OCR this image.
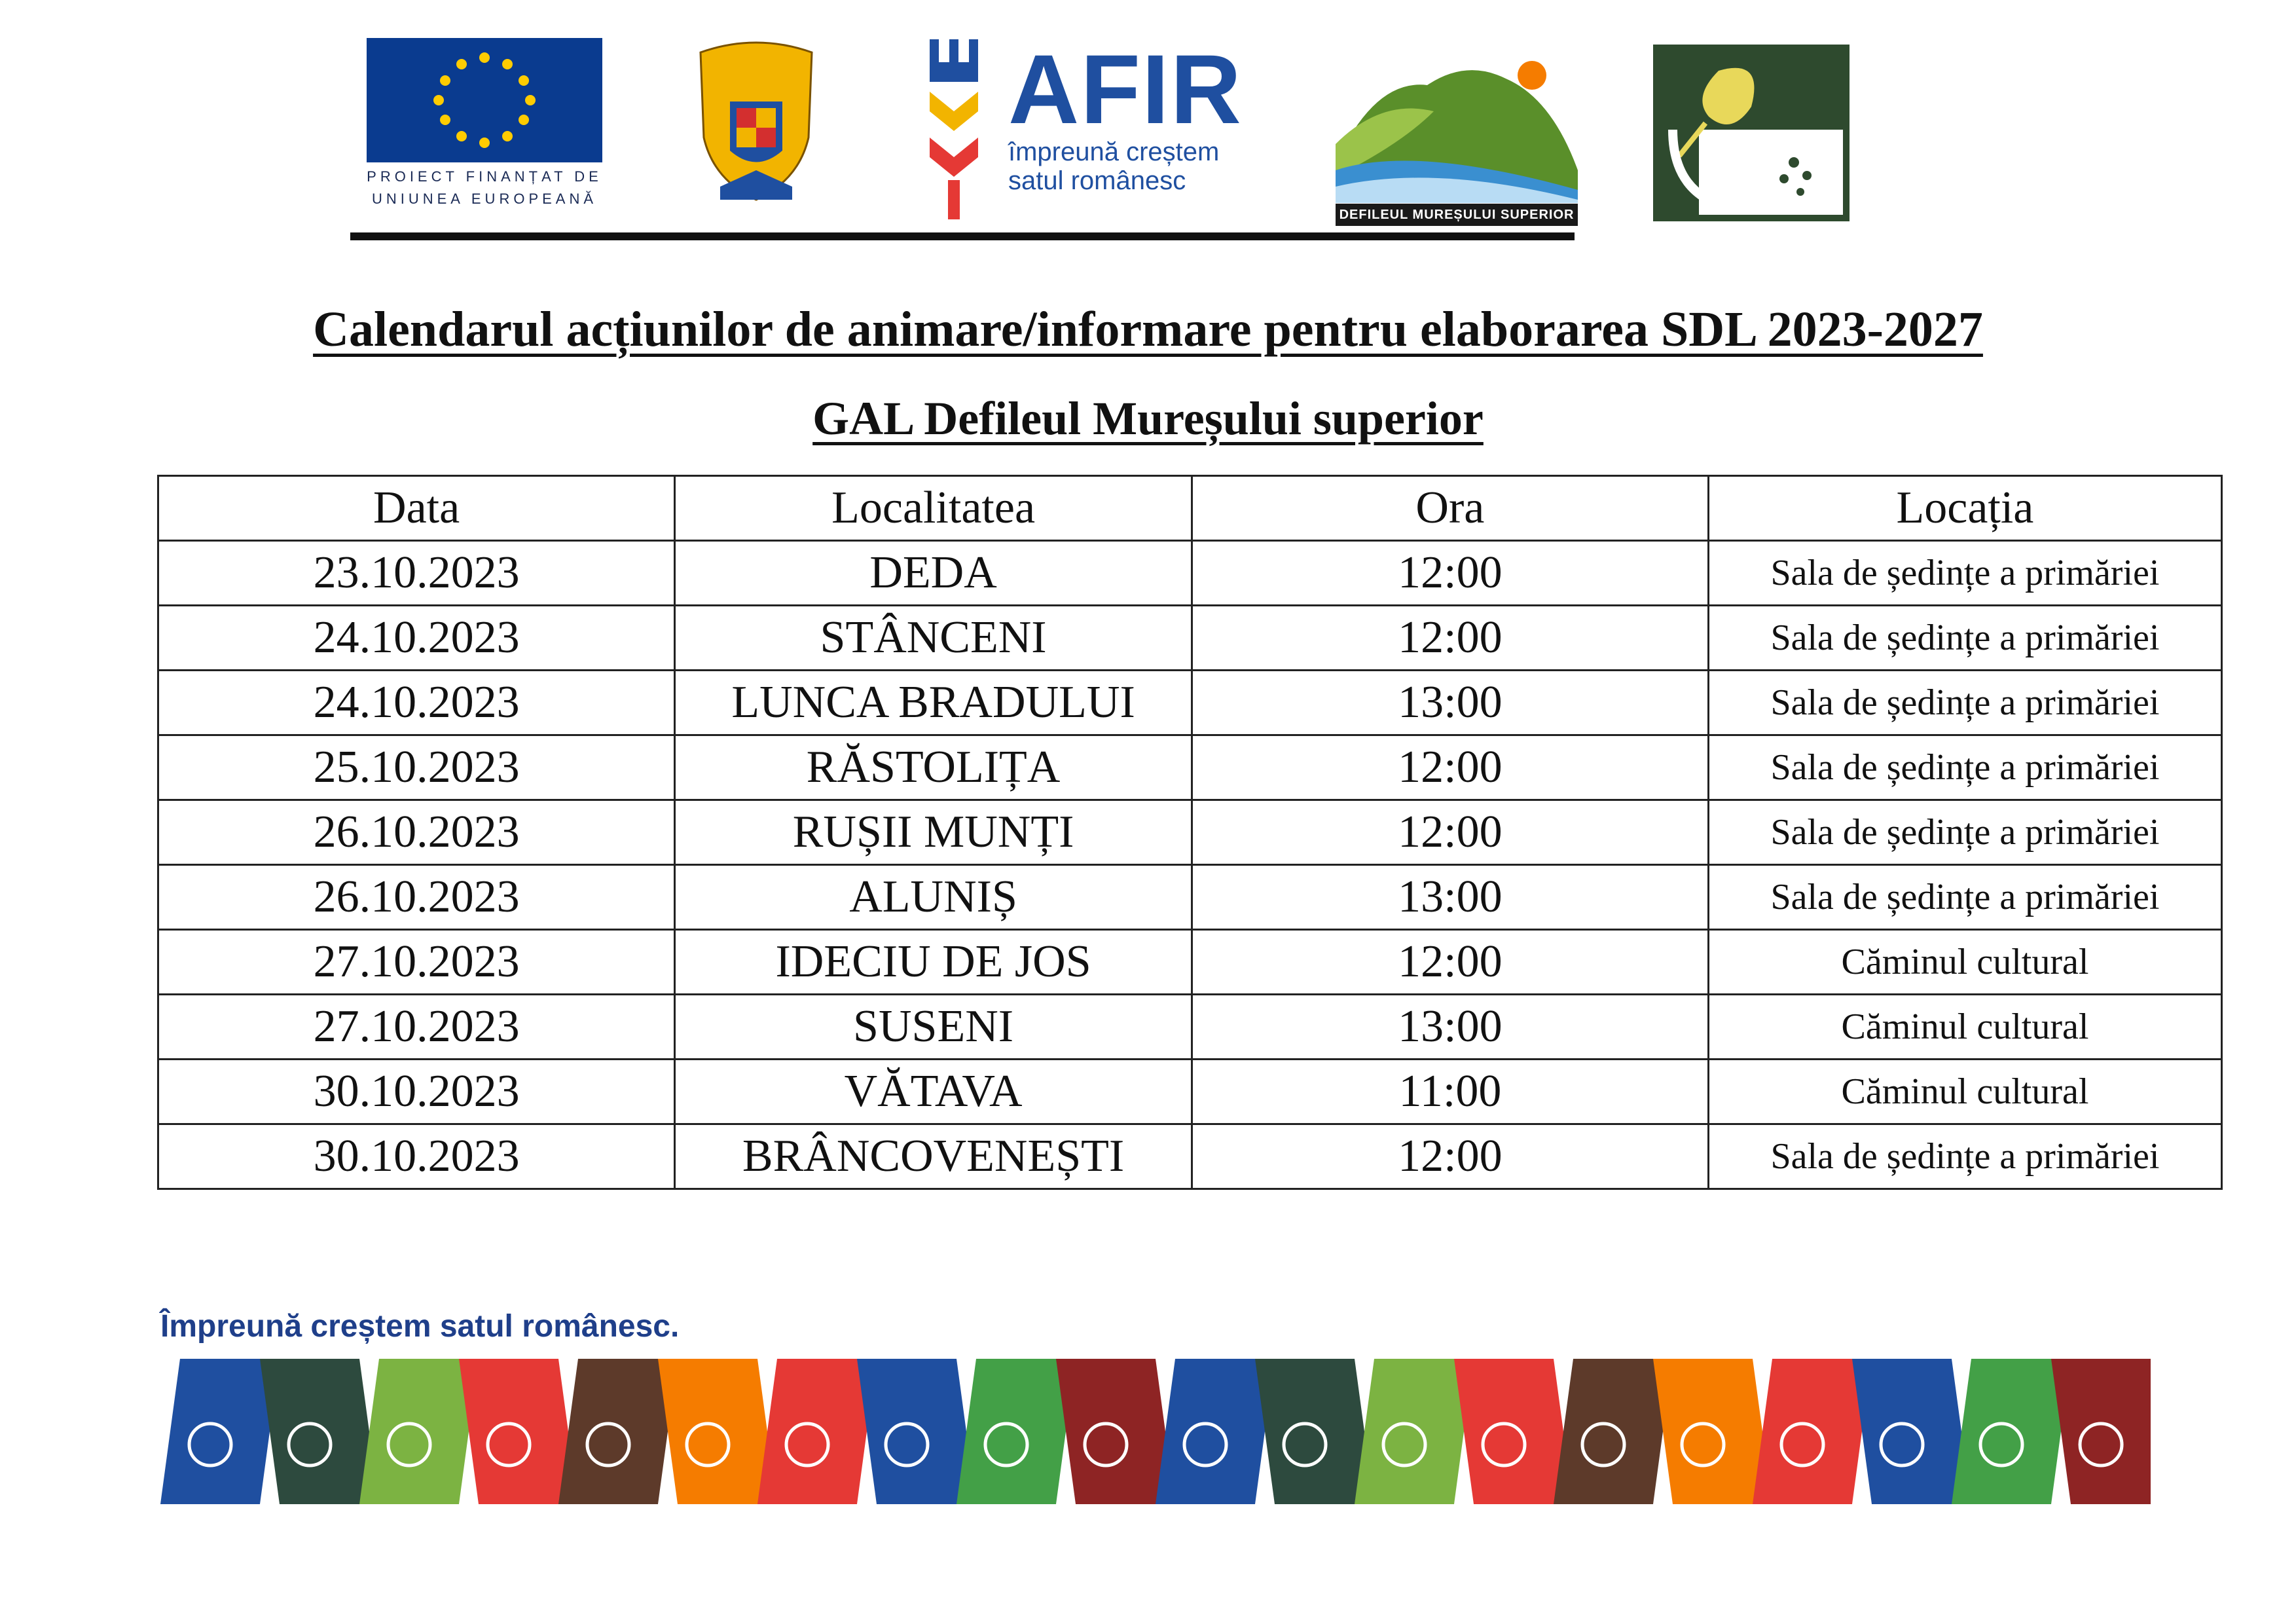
PROIECT FINANȚAT DE
UNIUNEA EUROPEANĂ
AFIR
împreună creștem
satul românesc
DEFILEUL MUREȘULUI SUPERIOR
Calendarul acțiunilor de animare/informare pentru elaborarea SDL 2023-2027
GAL Defileul Mureșului superior
Data	Localitatea	Ora	Locația
23.10.2023	DEDA	12:00	Sala de ședințe a primăriei
24.10.2023	STÂNCENI	12:00	Sala de ședințe a primăriei
24.10.2023	LUNCA BRADULUI	13:00	Sala de ședințe a primăriei
25.10.2023	RĂSTOLIȚA	12:00	Sala de ședințe a primăriei
26.10.2023	RUȘII MUNȚI	12:00	Sala de ședințe a primăriei
26.10.2023	ALUNIȘ	13:00	Sala de ședințe a primăriei
27.10.2023	IDECIU DE JOS	12:00	Căminul cultural
27.10.2023	SUSENI	13:00	Căminul cultural
30.10.2023	VĂTAVA	11:00	Căminul cultural
30.10.2023	BRÂNCOVENEȘTI	12:00	Sala de ședințe a primăriei
Împreună creștem satul românesc.
